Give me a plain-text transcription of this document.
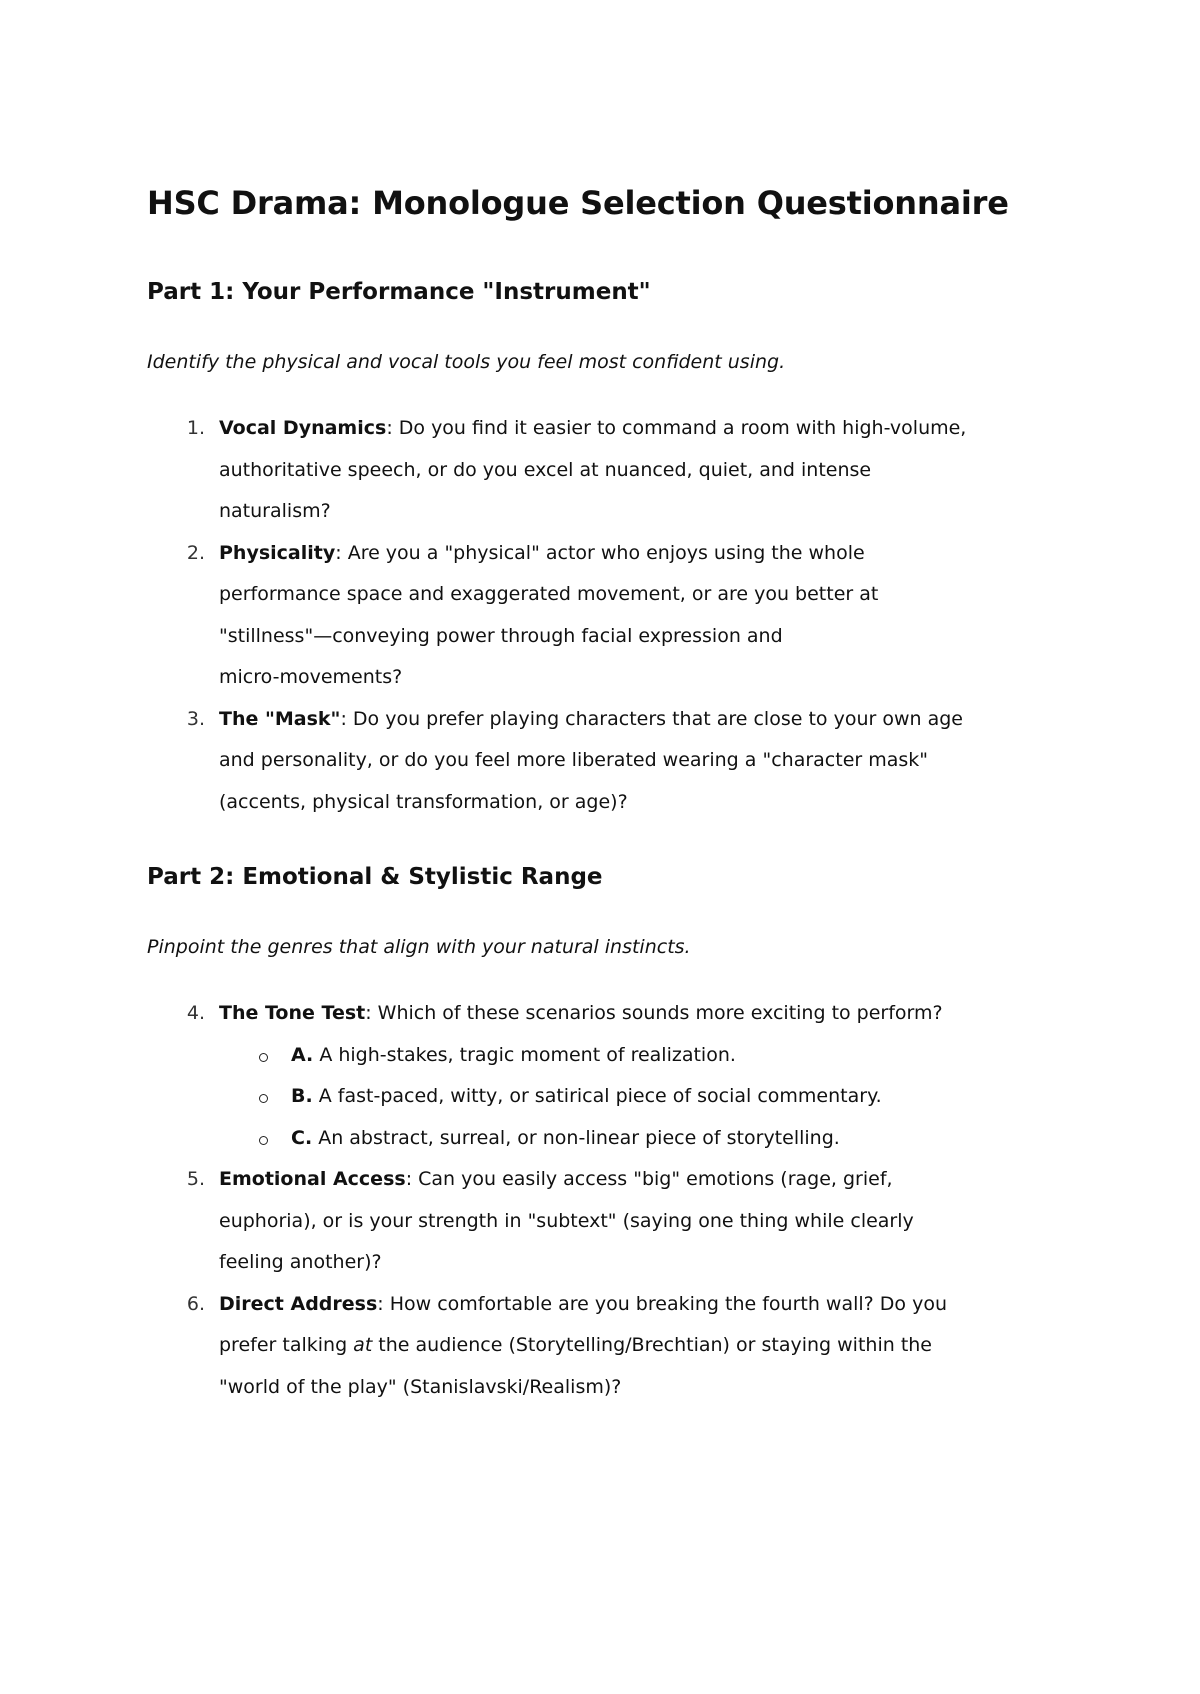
HSC Drama: Monologue Selection Questionnaire
Part 1: Your Performance "Instrument"

Identify the physical and vocal tools you feel most confident using.

1. Vocal Dynamics: Do you find it easier to command a room with high-volume,
authoritative speech, or do you excel at nuanced, quiet, and intense
naturalism?
2. Physicality: Are you a "physical" actor who enjoys using the whole
performance space and exaggerated movement, or are you better at
"stillness"—conveying power through facial expression and
micro-movements?
3. The "Mask": Do you prefer playing characters that are close to your own age
and personality, or do you feel more liberated wearing a "character mask"
(accents, physical transformation, or age)?
Part 2: Emotional & Stylistic Range

Pinpoint the genres that align with your natural instincts.

4. The Tone Test: Which of these scenarios sounds more exciting to perform?
A. A high-stakes, tragic moment of realization.
B. A fast-paced, witty, or satirical piece of social commentary.
C. An abstract, surreal, or non-linear piece of storytelling.
5. Emotional Access: Can you easily access "big" emotions (rage, grief,
euphoria), or is your strength in "subtext" (saying one thing while clearly
feeling another)?
6. Direct Address: How comfortable are you breaking the fourth wall? Do you
prefer talking at the audience (Storytelling/Brechtian) or staying within the
"world of the play" (Stanislavski/Realism)?
